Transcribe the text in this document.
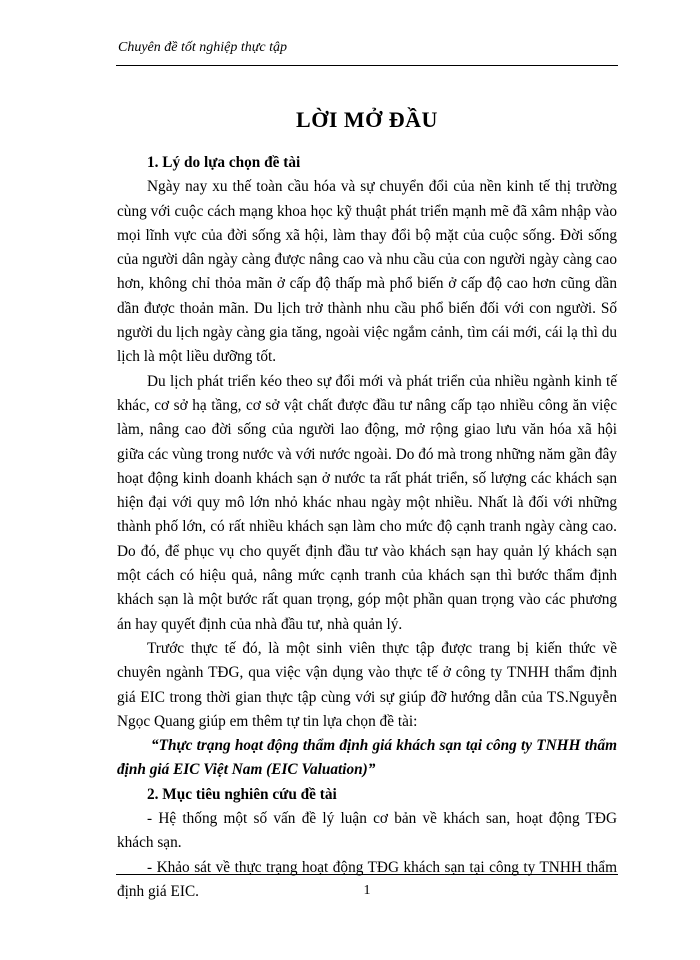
Chuyên đề tốt nghiệp thực tập
LỜI MỞ ĐẦU

1. Lý do lựa chọn đề tài

Ngày nay xu thế toàn cầu hóa và sự chuyển đổi của nền kinh tế thị trường cùng với cuộc cách mạng khoa học kỹ thuật phát triển mạnh mẽ đã xâm nhập vào mọi lĩnh vực của đời sống xã hội, làm thay đổi bộ mặt của cuộc sống. Đời sống của người dân ngày càng được nâng cao và nhu cầu của con người ngày càng cao hơn, không chỉ thỏa mãn ở cấp độ thấp mà phổ biến ở cấp độ cao hơn cũng dần dần được thoản mãn. Du lịch trở thành nhu cầu phổ biến đối với con người. Số người du lịch ngày càng gia tăng, ngoài việc ngắm cảnh, tìm cái mới, cái lạ thì du lịch là một liều dưỡng tốt.

Du lịch phát triển kéo theo sự đổi mới và phát triển của nhiều ngành kinh tế khác, cơ sở hạ tầng, cơ sở vật chất được đầu tư nâng cấp tạo nhiều công ăn việc làm, nâng cao đời sống của người lao động, mở rộng giao lưu văn hóa xã hội giữa các vùng trong nước và với nước ngoài. Do đó mà trong những năm gần đây hoạt động kinh doanh khách sạn ở nước ta rất phát triển, số lượng các khách sạn hiện đại với quy mô lớn nhỏ khác nhau ngày một nhiều. Nhất là đối với những thành phố lớn, có rất nhiều khách sạn làm cho mức độ cạnh tranh ngày càng cao. Do đó, để phục vụ cho quyết định đầu tư vào khách sạn hay quản lý khách sạn một cách có hiệu quả, nâng mức cạnh tranh của khách sạn thì bước thẩm định khách sạn là một bước rất quan trọng, góp một phần quan trọng vào các phương án hay quyết định của nhà đầu tư, nhà quản lý.

Trước thực tế đó, là một sinh viên thực tập được trang bị kiến thức về chuyên ngành TĐG, qua việc vận dụng vào thực tế ở công ty TNHH thẩm định giá EIC trong thời gian thực tập cùng với sự giúp đỡ hướng dẫn của TS.Nguyễn Ngọc Quang giúp em thêm tự tin lựa chọn đề tài:

“Thực trạng hoạt động thẩm định giá khách sạn tại công ty TNHH thẩm định giá EIC Việt Nam (EIC Valuation)”

2. Mục tiêu nghiên cứu đề tài

- Hệ thống một số vấn đề lý luận cơ bản về khách san, hoạt động TĐG khách sạn.

- Khảo sát về thực trạng hoạt động TĐG khách sạn tại công ty TNHH thẩm định giá EIC.	1
